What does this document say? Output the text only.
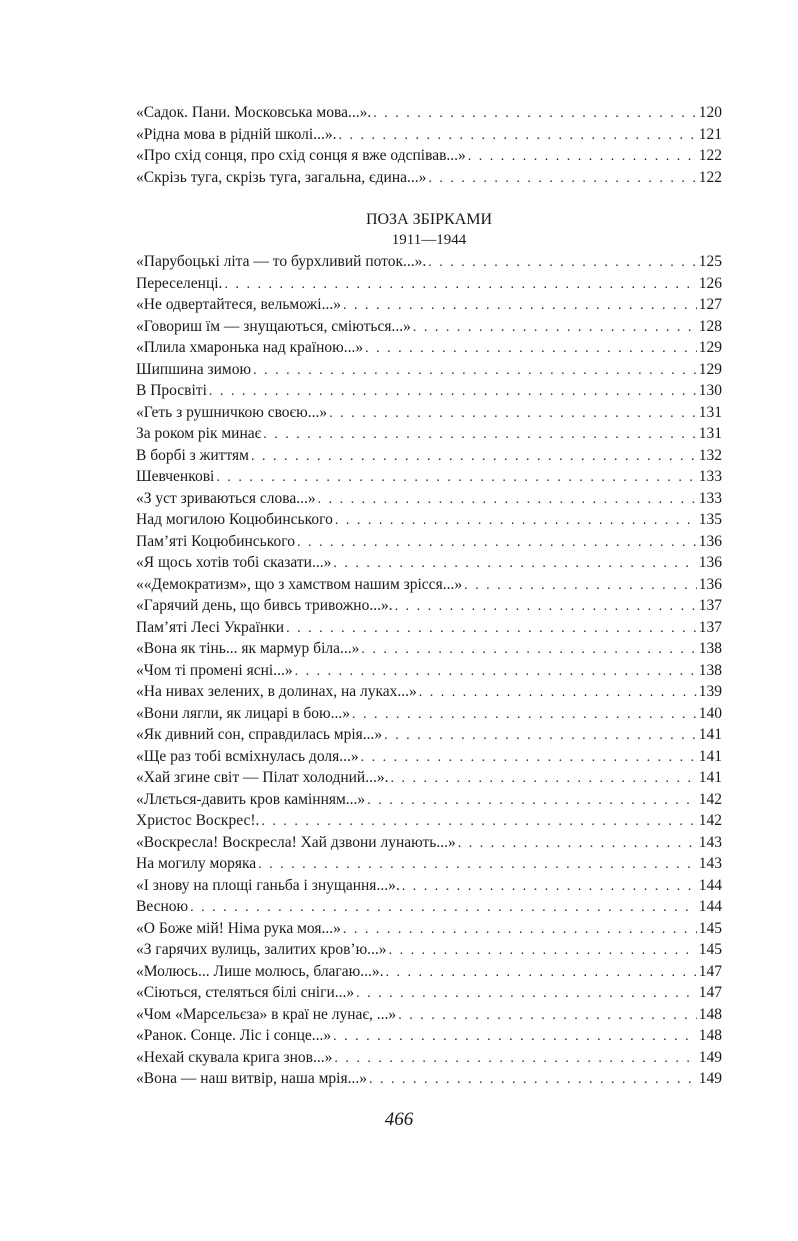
«Садок. Пани. Московська мова...». . . .	120
«Рідна мова в рідній школі...». . . .	121
«Про схід сонця, про схід сонця я вже одспівав...» . . .	122
«Скрізь туга, скрізь туга, загальна, єдина...» . . .	122
ПОЗА ЗБІРКАМИ
1911—1944
«Парубоцькі літа — то бурхливий поток...». . . .	125
Переселенці. . . .	126
«Не одвертайтеся, вельможі...» . . .	127
«Говориш їм — знущаються, сміються...» . . .	128
«Плила хмаронька над країною...» . . .	129
Шипшина зимою . . .	129
В Просвіті . . .	130
«Геть з рушничкою своєю...» . . .	131
За роком рік минає . . .	131
В борбі з життям . . .	132
Шевченкові . . .	133
«З уст зриваються слова...» . . .	133
Над могилою Коцюбинського . . .	135
Пам’яті Коцюбинського . . .	136
«Я щось хотів тобі сказати...» . . .	136
««Демократизм», що з хамством нашим зрісся...» . . .	136
«Гарячий день, що бивсь тривожно...». . . .	137
Пам’яті Лесі Українки . . .	137
«Вона як тінь... як мармур біла...» . . .	138
«Чом ті промені ясні...» . . .	138
«На нивах зелених, в долинах, на луках...» . . .	139
«Вони лягли, як лицарі в бою...» . . .	140
«Як дивний сон, справдилась мрія...» . . .	141
«Ще раз тобі всміхнулась доля...» . . .	141
«Хай згине світ — Пілат холодний...». . . .	141
«Ллється-давить кров камінням...» . . .	142
Христос Воскрес!. . . .	142
«Воскресла! Воскресла! Хай дзвони лунають...» . . .	143
На могилу моряка . . .	143
«І знову на площі ганьба і знущання...». . . .	144
Весною . . .	144
«О Боже мій! Німа рука моя...» . . .	145
«З гарячих вулиць, залитих кров’ю...» . . .	145
«Молюсь... Лише молюсь, благаю...». . . .	147
«Сіються, стеляться білі сніги...» . . .	147
«Чом «Марсельєза» в краї не лунає, ...» . . .	148
«Ранок. Сонце. Ліс і сонце...» . . .	148
«Нехай скувала крига знов...» . . .	149
«Вона — наш витвір, наша мрія...» . . .	149
466
